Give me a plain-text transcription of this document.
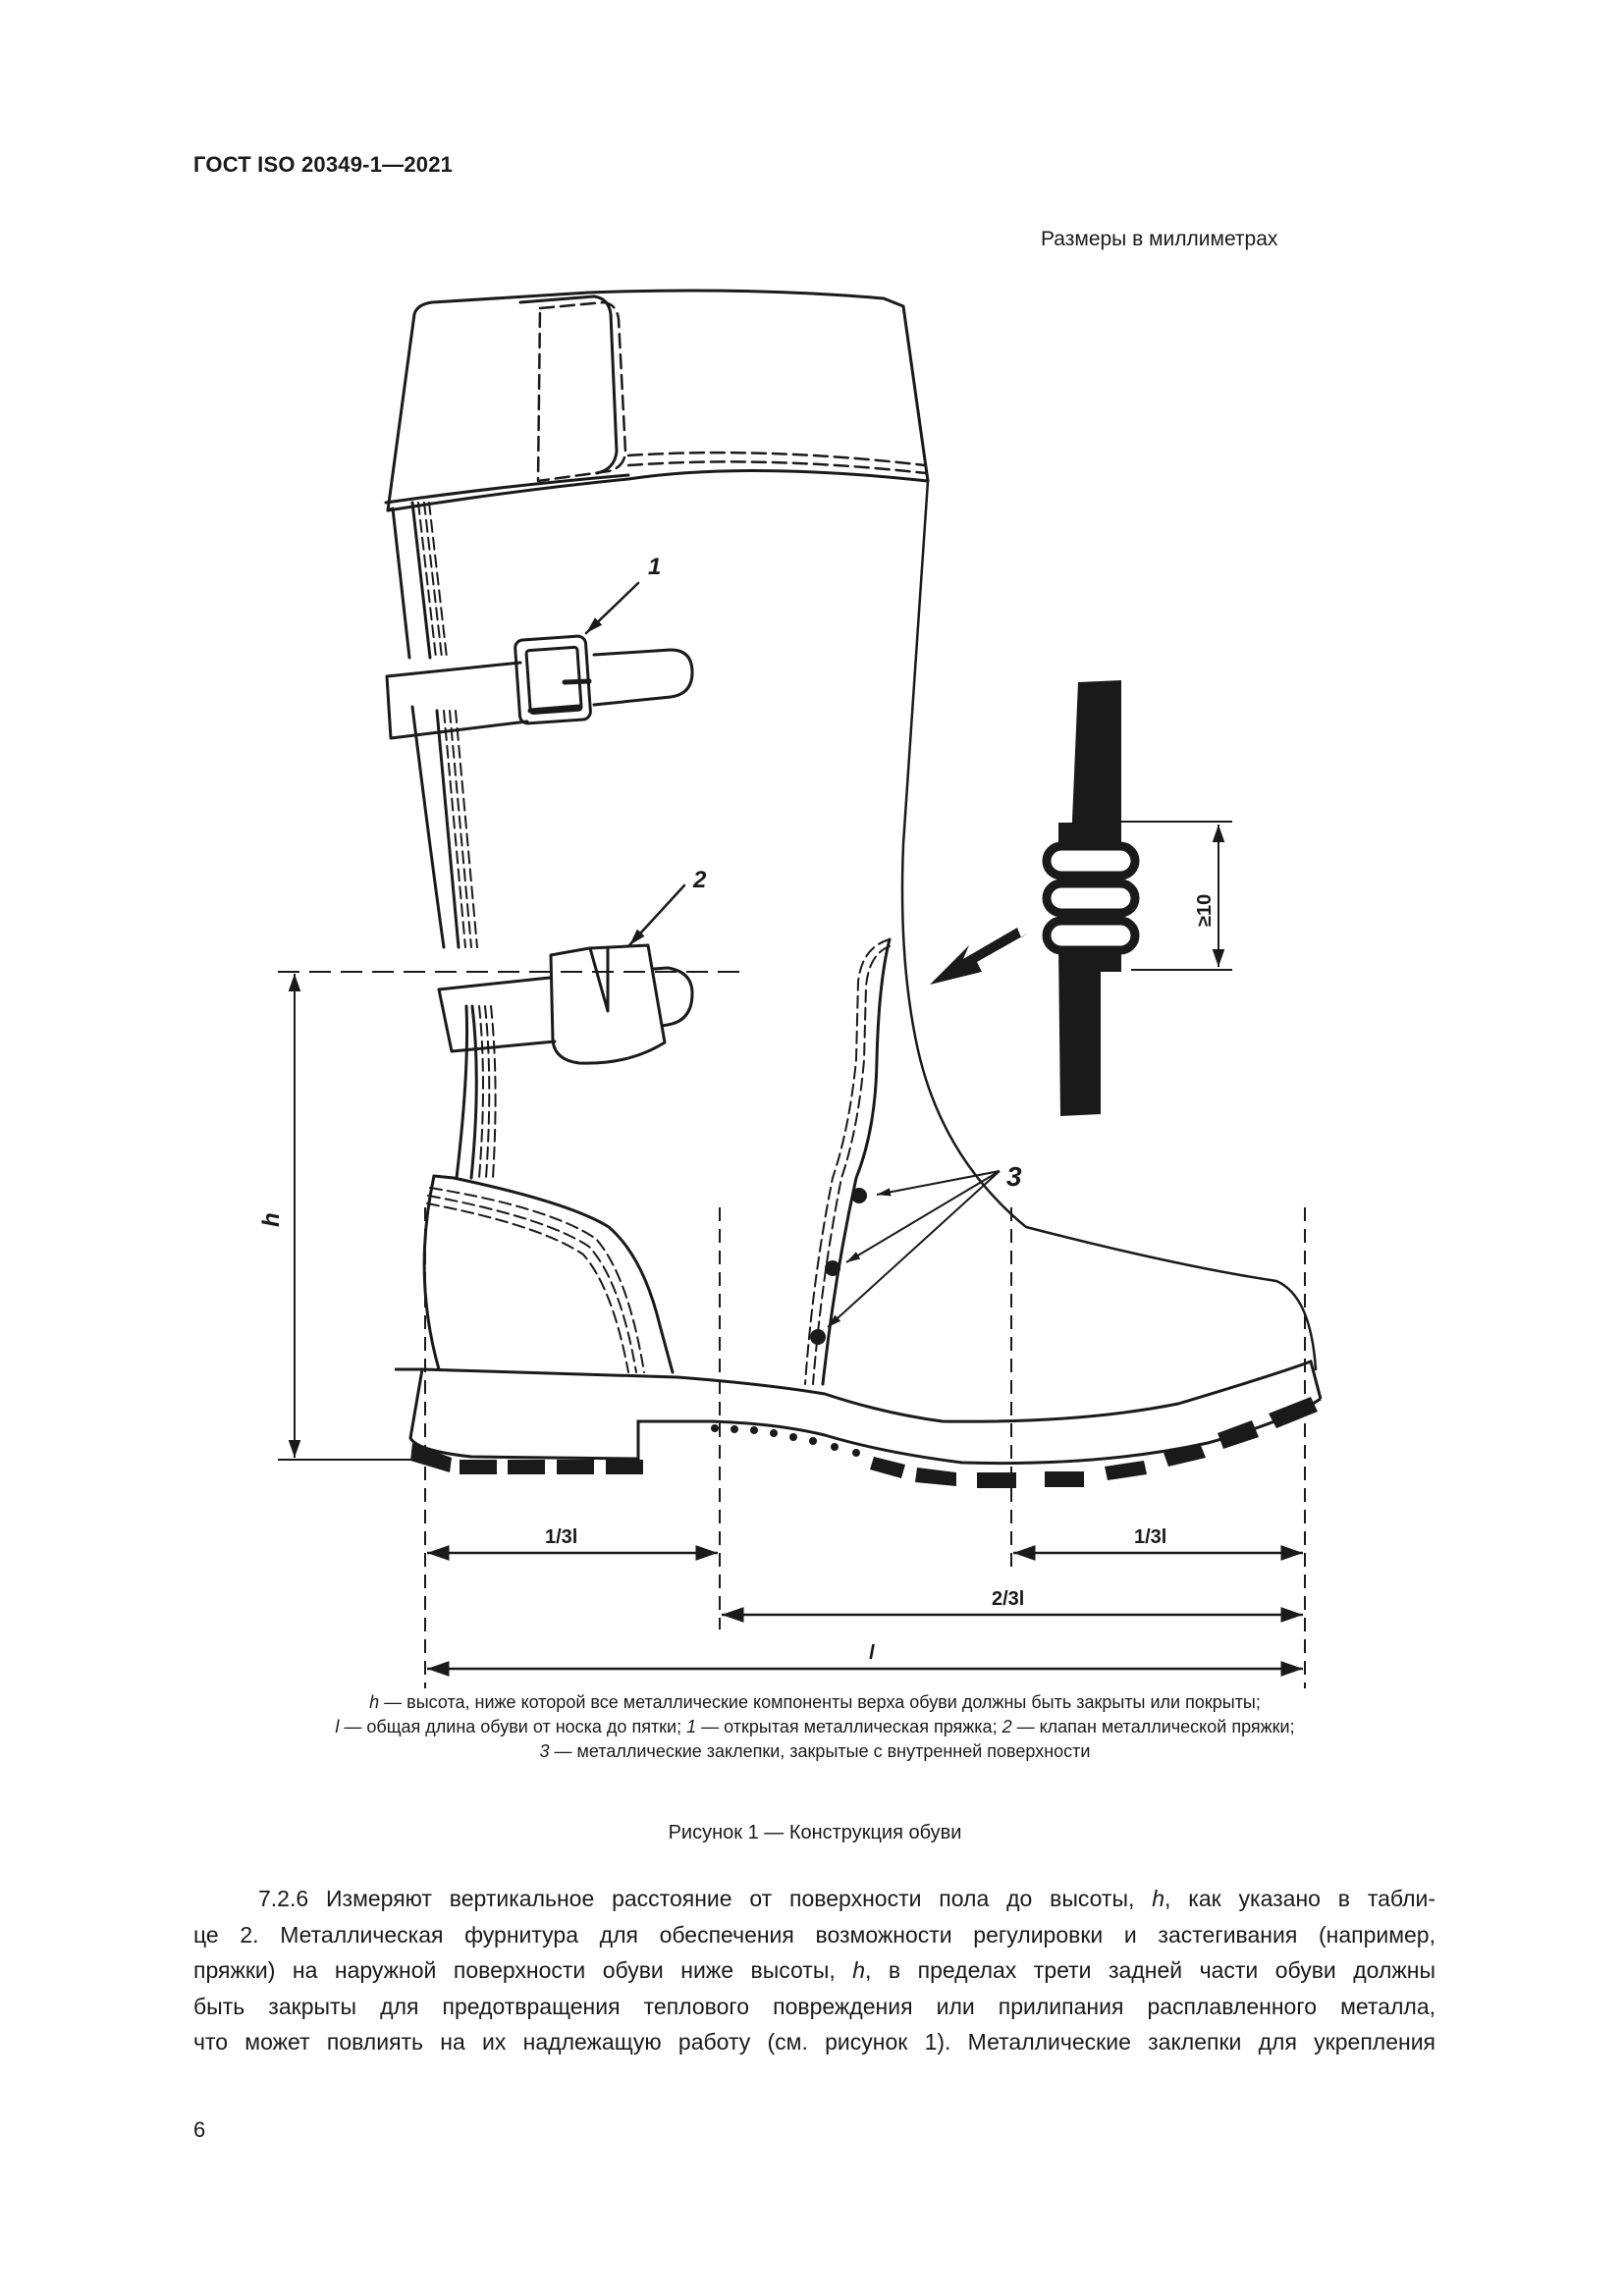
ГОСТ ISO 20349-1—2021
Размеры в миллиметрах
1
2
3
h
≥10
1/3l	1/3l
2/3l
l
h — высота, ниже которой все металлические компоненты верха обуви должны быть закрыты или покрыты;
l — общая длина обуви от носка до пятки; 1 — открытая металлическая пряжка; 2 — клапан металлической пряжки;
3 — металлические заклепки, закрытые с внутренней поверхности
Рисунок 1 — Конструкция обуви
7.2.6 Измеряют вертикальное расстояние от поверхности пола до высоты, h, как указано в табли-
це 2. Металлическая фурнитура для обеспечения возможности регулировки и застегивания (например,
пряжки) на наружной поверхности обуви ниже высоты, h, в пределах трети задней части обуви должны
быть закрыты для предотвращения теплового повреждения или прилипания расплавленного металла,
что может повлиять на их надлежащую работу (см. рисунок 1). Металлические заклепки для укрепления
6
